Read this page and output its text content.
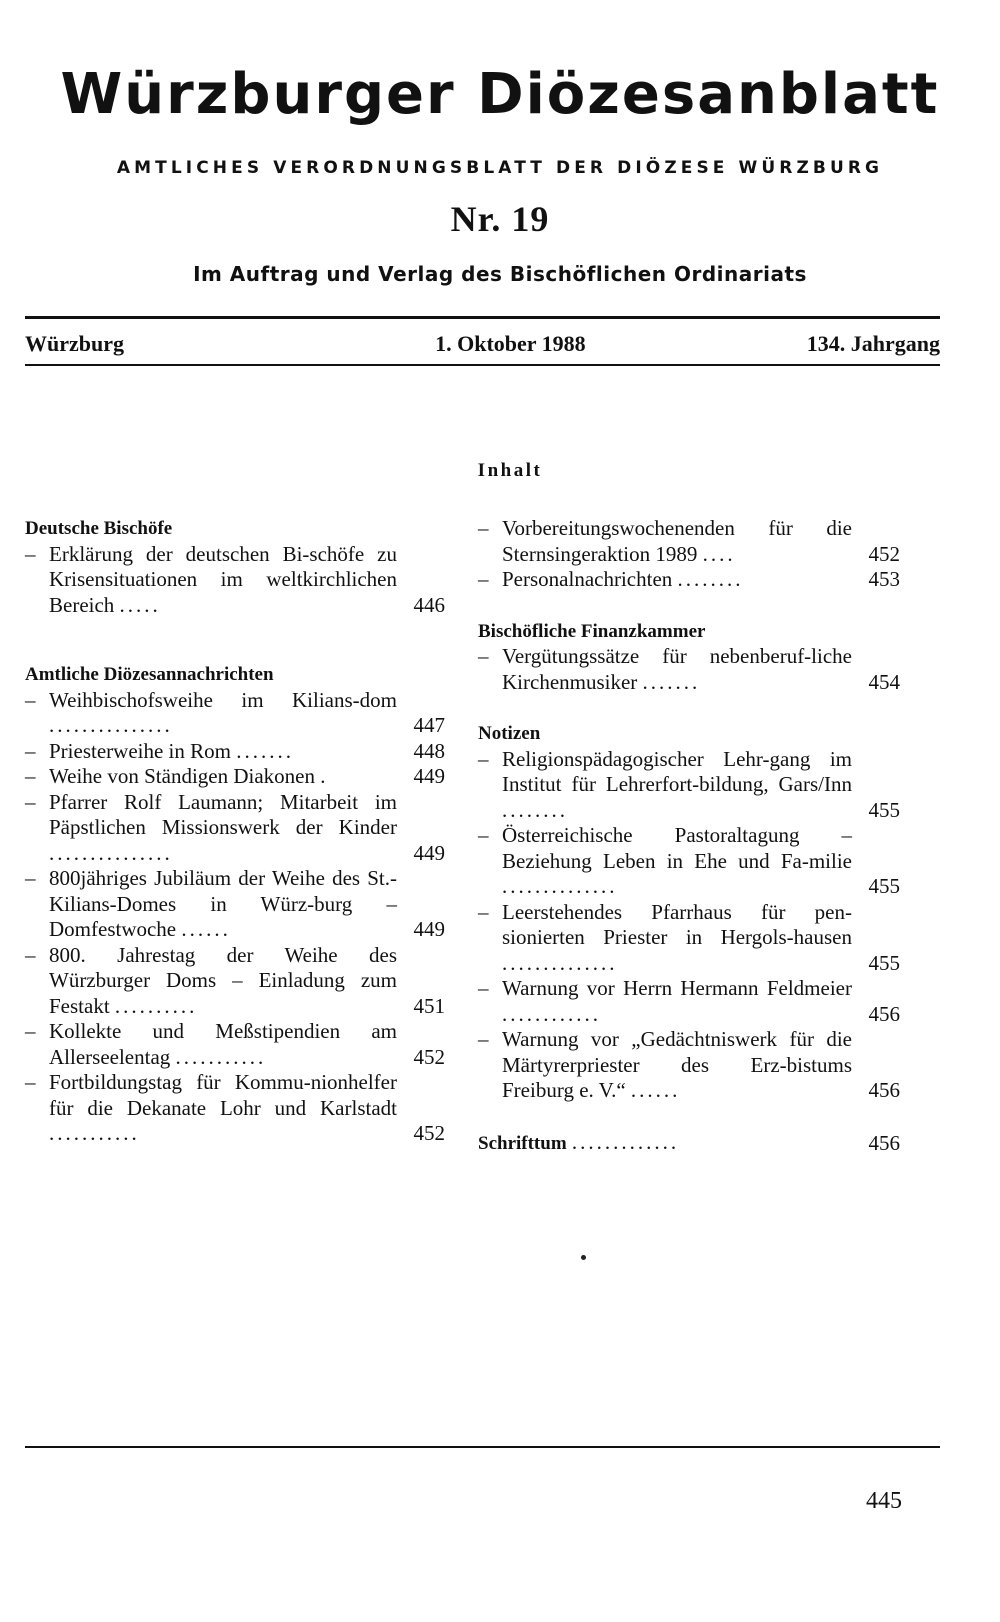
Würzburger Diözesanblatt
AMTLICHES VERORDNUNGSBLATT DER DIÖZESE WÜRZBURG
Nr. 19
Im Auftrag und Verlag des Bischöflichen Ordinariats
Würzburg	1. Oktober 1988	134. Jahrgang
Inhalt
Deutsche Bischöfe
– Erklärung der deutschen Bi-schöfe zu Krisensituationen im weltkirchlichen Bereich .....	446
Amtliche Diözesannachrichten
– Weihbischofsweihe im Kilians-dom ...............	447
– Priesterweihe in Rom .......	448
– Weihe von Ständigen Diakonen .	449
– Pfarrer Rolf Laumann; Mitarbeit im Päpstlichen Missionswerk der Kinder ...............	449
– 800jähriges Jubiläum der Weihe des St.-Kilians-Domes in Würz-burg – Domfestwoche ......	449
– 800. Jahrestag der Weihe des Würzburger Doms – Einladung zum Festakt ..........	451
– Kollekte und Meßstipendien am Allerseelentag ...........	452
– Fortbildungstag für Kommu-nionhelfer für die Dekanate Lohr und Karlstadt ...........	452
– Vorbereitungswochenenden für die Sternsingeraktion 1989 ....	452
– Personalnachrichten ........	453
Bischöfliche Finanzkammer
– Vergütungssätze für nebenberuf-liche Kirchenmusiker .......	454
Notizen
– Religionspädagogischer Lehr-gang im Institut für Lehrerfort-bildung, Gars/Inn ........	455
– Österreichische Pastoraltagung – Beziehung Leben in Ehe und Fa-milie ..............	455
– Leerstehendes Pfarrhaus für pen-sionierten Priester in Hergols-hausen ..............	455
– Warnung vor Herrn Hermann Feldmeier ............	456
– Warnung vor „Gedächtniswerk für die Märtyrerpriester des Erz-bistums Freiburg e. V.“ ......	456
Schrifttum .............	456
445
